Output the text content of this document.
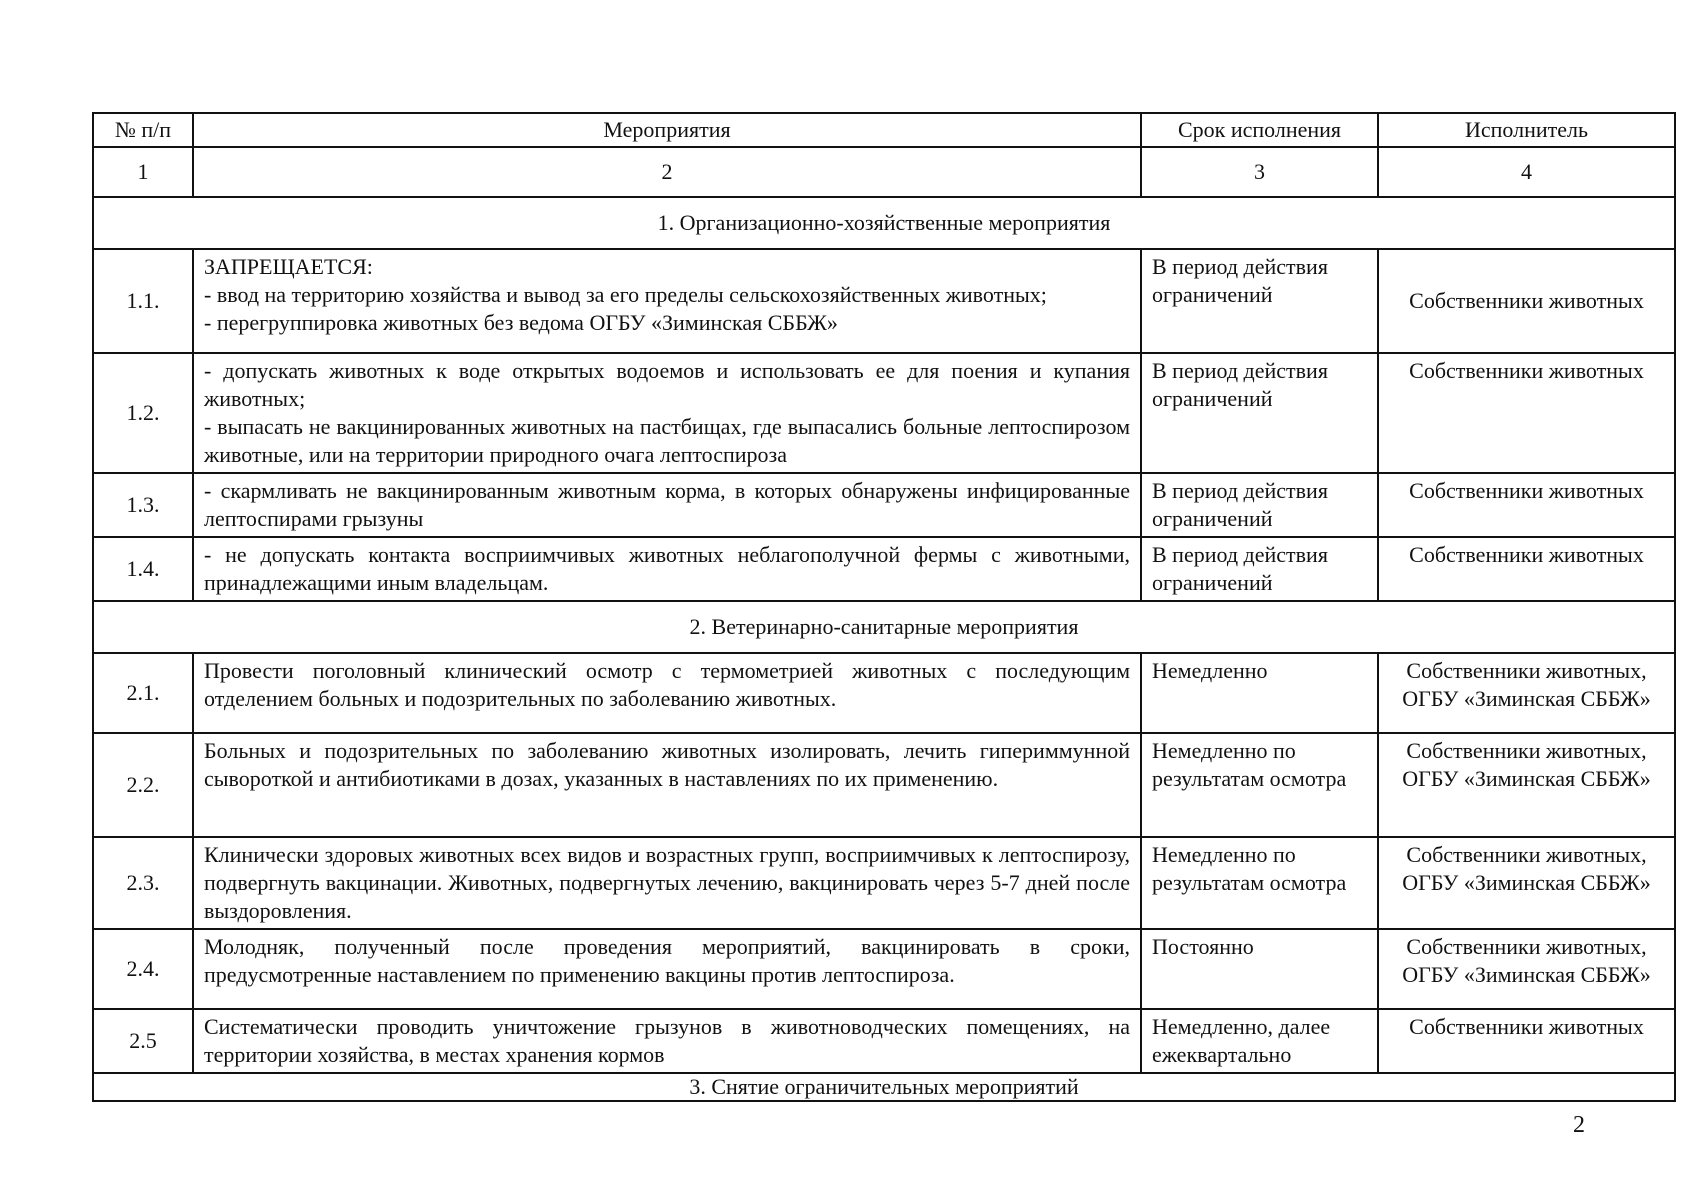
№ п/п	Мероприятия	Срок исполнения	Исполнитель
1	2	3	4
1. Организационно-хозяйственные мероприятия			
1.1.	ЗАПРЕЩАЕТСЯ:
- ввод на территорию хозяйства и вывод за его пределы сельскохозяйственных животных;
- перегруппировка животных без ведома ОГБУ «Зиминская СББЖ»	В период действия ограничений	Собственники животных
1.2.	- допускать животных к воде открытых водоемов и использовать ее для поения и купания животных;
- выпасать не вакцинированных животных на пастбищах, где выпасались больные лептоспирозом животные, или на территории природного очага лептоспироза	В период действия ограничений	Собственники животных
1.3.	- скармливать не вакцинированным животным корма, в которых обнаружены инфицированные лептоспирами грызуны	В период действия ограничений	Собственники животных
1.4.	- не допускать контакта восприимчивых животных неблагополучной фермы с животными, принадлежащими иным владельцам.	В период действия ограничений	Собственники животных
2. Ветеринарно-санитарные мероприятия			
2.1.	Провести поголовный клинический осмотр с термометрией животных с последующим отделением больных и подозрительных по заболеванию животных.	Немедленно	Собственники животных, ОГБУ «Зиминская СББЖ»
2.2.	Больных и подозрительных по заболеванию животных изолировать, лечить гипериммунной сывороткой и антибиотиками в дозах, указанных в наставлениях по их применению.	Немедленно по результатам осмотра	Собственники животных, ОГБУ «Зиминская СББЖ»
2.3.	Клинически здоровых животных всех видов и возрастных групп, восприимчивых к лептоспирозу, подвергнуть вакцинации. Животных, подвергнутых лечению, вакцинировать через 5-7 дней после выздоровления.	Немедленно по результатам осмотра	Собственники животных, ОГБУ «Зиминская СББЖ»
2.4.	Молодняк, полученный после проведения мероприятий, вакцинировать в сроки, предусмотренные наставлением по применению вакцины против лептоспироза.	Постоянно	Собственники животных, ОГБУ «Зиминская СББЖ»
2.5	Систематически проводить уничтожение грызунов в животноводческих помещениях, на территории хозяйства, в местах хранения кормов	Немедленно, далее ежеквартально	Собственники животных
3. Снятие ограничительных мероприятий			
2
